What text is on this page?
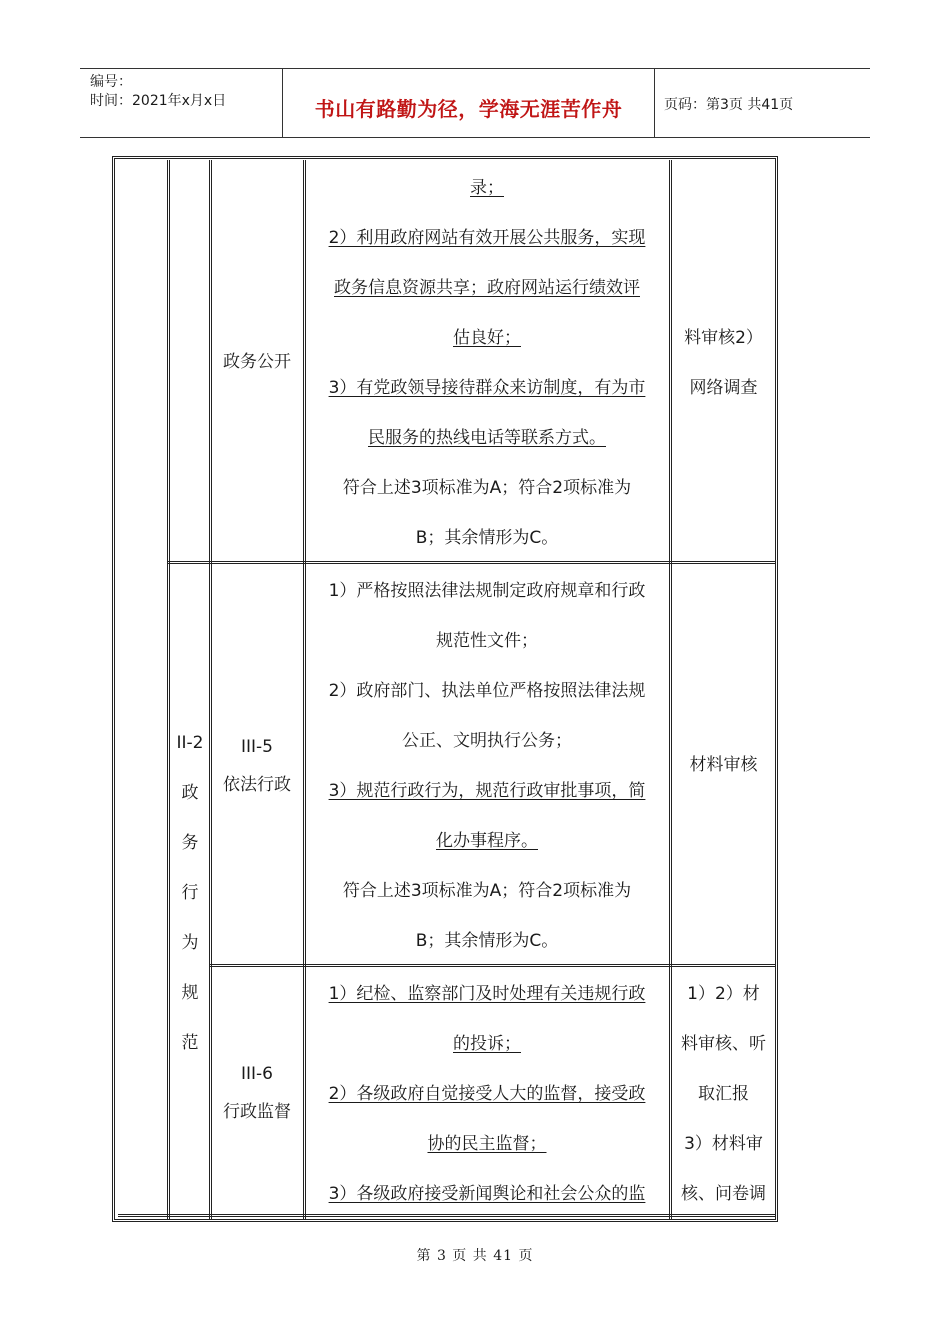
编号：
时间：2021年x月x日	书山有路勤为径，学海无涯苦作舟	页码：第3页 共41页
政务公开
录；
2）利用政府网站有效开展公共服务，实现
政务信息资源共享；政府网站运行绩效评
估良好；
3）有党政领导接待群众来访制度，有为市
民服务的热线电话等联系方式。
符合上述3项标准为A；符合2项标准为
B；其余情形为C。
料审核2）
网络调查
II-2
政
务
行
为
规
范
III-5
依法行政
1）严格按照法律法规制定政府规章和行政
规范性文件；
2）政府部门、执法单位严格按照法律法规
公正、文明执行公务；
3）规范行政行为，规范行政审批事项，简
化办事程序。
符合上述3项标准为A；符合2项标准为
B；其余情形为C。
材料审核
III-6
行政监督
1）纪检、监察部门及时处理有关违规行政
的投诉；
2）各级政府自觉接受人大的监督，接受政
协的民主监督；
3）各级政府接受新闻舆论和社会公众的监
1）2）材
料审核、听
取汇报
3）材料审
核、问卷调
第 3 页 共 41 页
